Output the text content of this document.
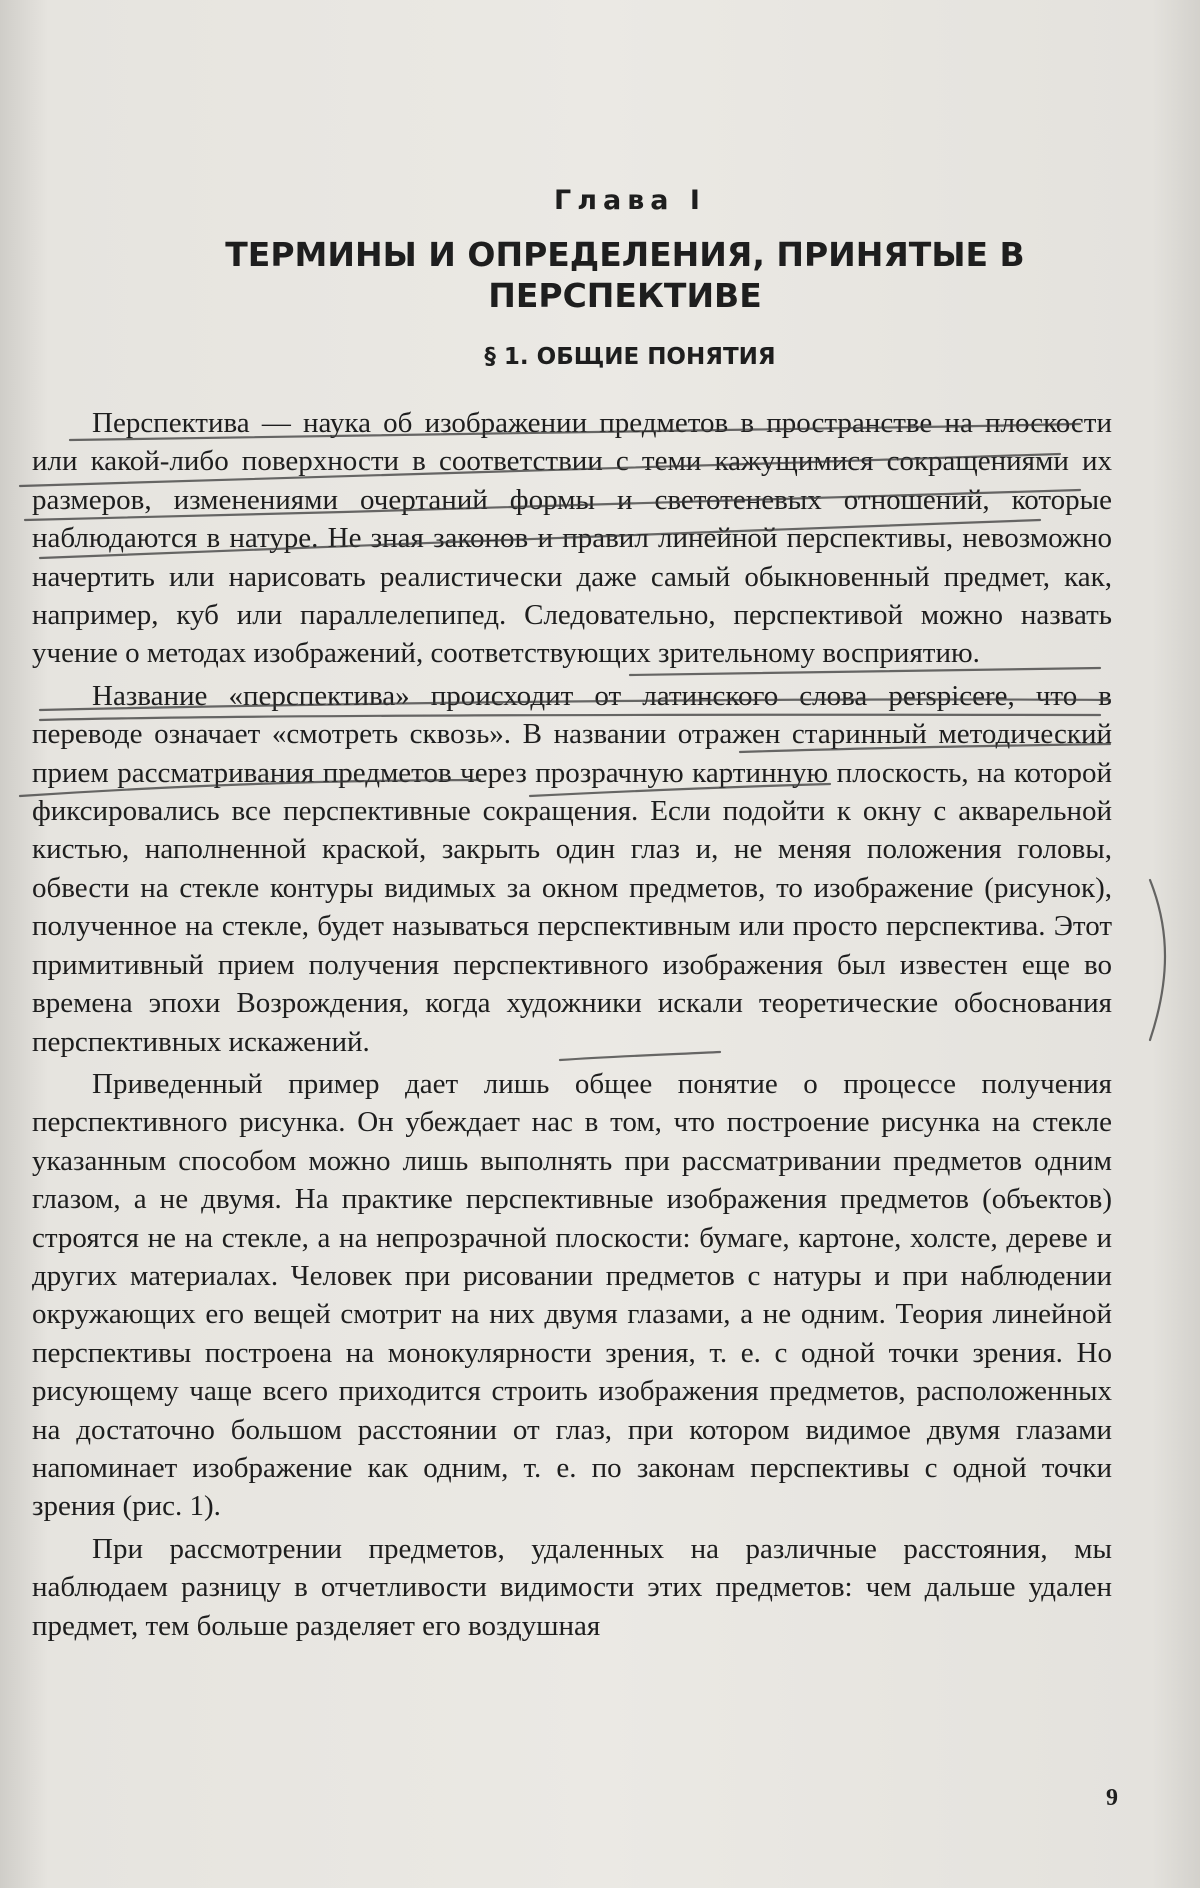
Глава I
ТЕРМИНЫ И ОПРЕДЕЛЕНИЯ, ПРИНЯТЫЕ В ПЕРСПЕКТИВЕ
§ 1. ОБЩИЕ ПОНЯТИЯ

Перспектива — наука об изображении предметов в пространстве на плоскости или какой-либо поверхности в соответствии с теми кажущимися сокращениями их размеров, изменениями очертаний формы и светотеневых отношений, которые наблюдаются в натуре. Не зная законов и правил линейной перспективы, невозможно начертить или нарисовать реалистически даже самый обыкновенный предмет, как, например, куб или параллелепипед. Следовательно, перспективой можно назвать учение о методах изображений, соответствующих зрительному восприятию.

Название «перспектива» происходит от латинского слова perspicere, что в переводе означает «смотреть сквозь». В названии отражен старинный методический прием рассматривания предметов через прозрачную картинную плоскость, на которой фиксировались все перспективные сокращения. Если подойти к окну с акварельной кистью, наполненной краской, закрыть один глаз и, не меняя положения головы, обвести на стекле контуры видимых за окном предметов, то изображение (рисунок), полученное на стекле, будет называться перспективным или просто перспектива. Этот примитивный прием получения перспективного изображения был известен еще во времена эпохи Возрождения, когда художники искали теоретические обоснования перспективных искажений.

Приведенный пример дает лишь общее понятие о процессе получения перспективного рисунка. Он убеждает нас в том, что построение рисунка на стекле указанным способом можно лишь выполнять при рассматривании предметов одним глазом, а не двумя. На практике перспективные изображения предметов (объектов) строятся не на стекле, а на непрозрачной плоскости: бумаге, картоне, холсте, дереве и других материалах. Человек при рисовании предметов с натуры и при наблюдении окружающих его вещей смотрит на них двумя глазами, а не одним. Теория линейной перспективы построена на монокулярности зрения, т. е. с одной точки зрения. Но рисующему чаще всего приходится строить изображения предметов, расположенных на достаточно большом расстоянии от глаз, при котором видимое двумя глазами напоминает изображение как одним, т. е. по законам перспективы с одной точки зрения (рис. 1).

При рассмотрении предметов, удаленных на различные расстояния, мы наблюдаем разницу в отчетливости видимости этих предметов: чем дальше удален предмет, тем больше разделяет его воздушная

9
